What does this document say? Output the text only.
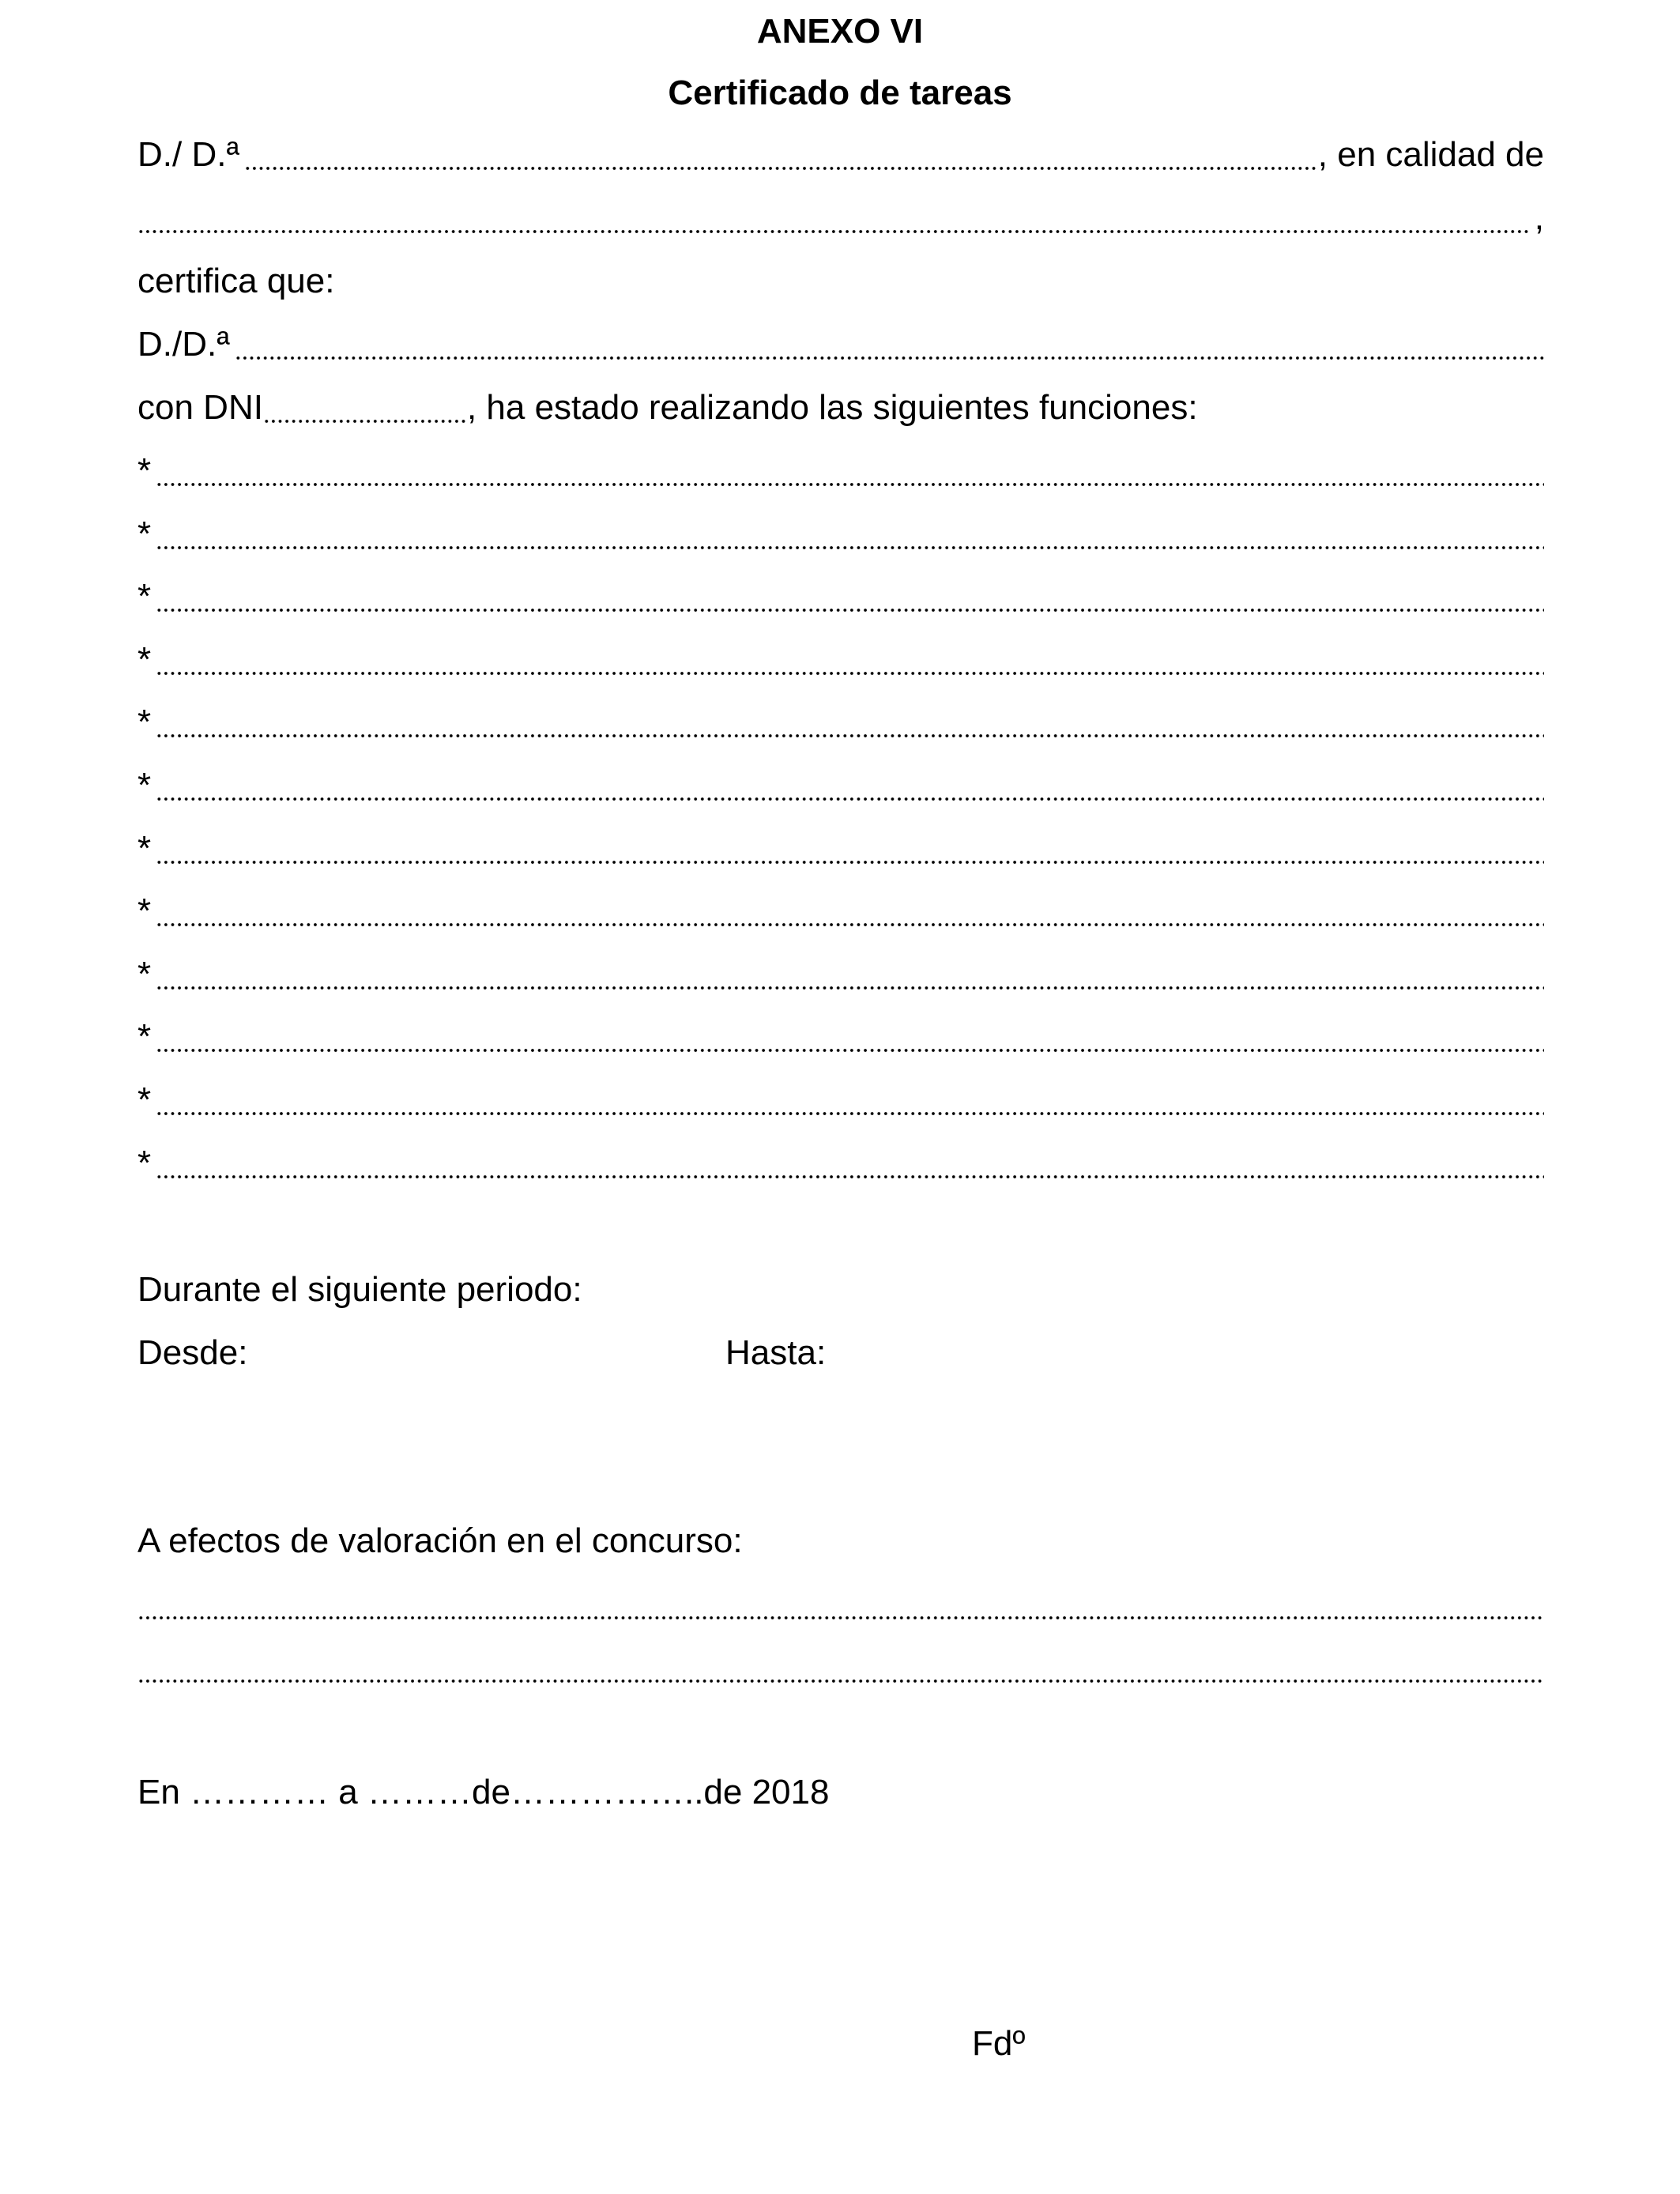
ANEXO VI
Certificado de tareas
D./ D.ª	, en calidad de
,
certifica que:
D./D.ª
con DNI	, ha estado realizando las siguientes funciones:
*
*
*
*
*
*
*
*
*
*
*
*
Durante el siguiente periodo:
Desde:	Hasta:
A efectos de valoración en el concurso:
En ………… a ………de……………..de 2018
Fdº
